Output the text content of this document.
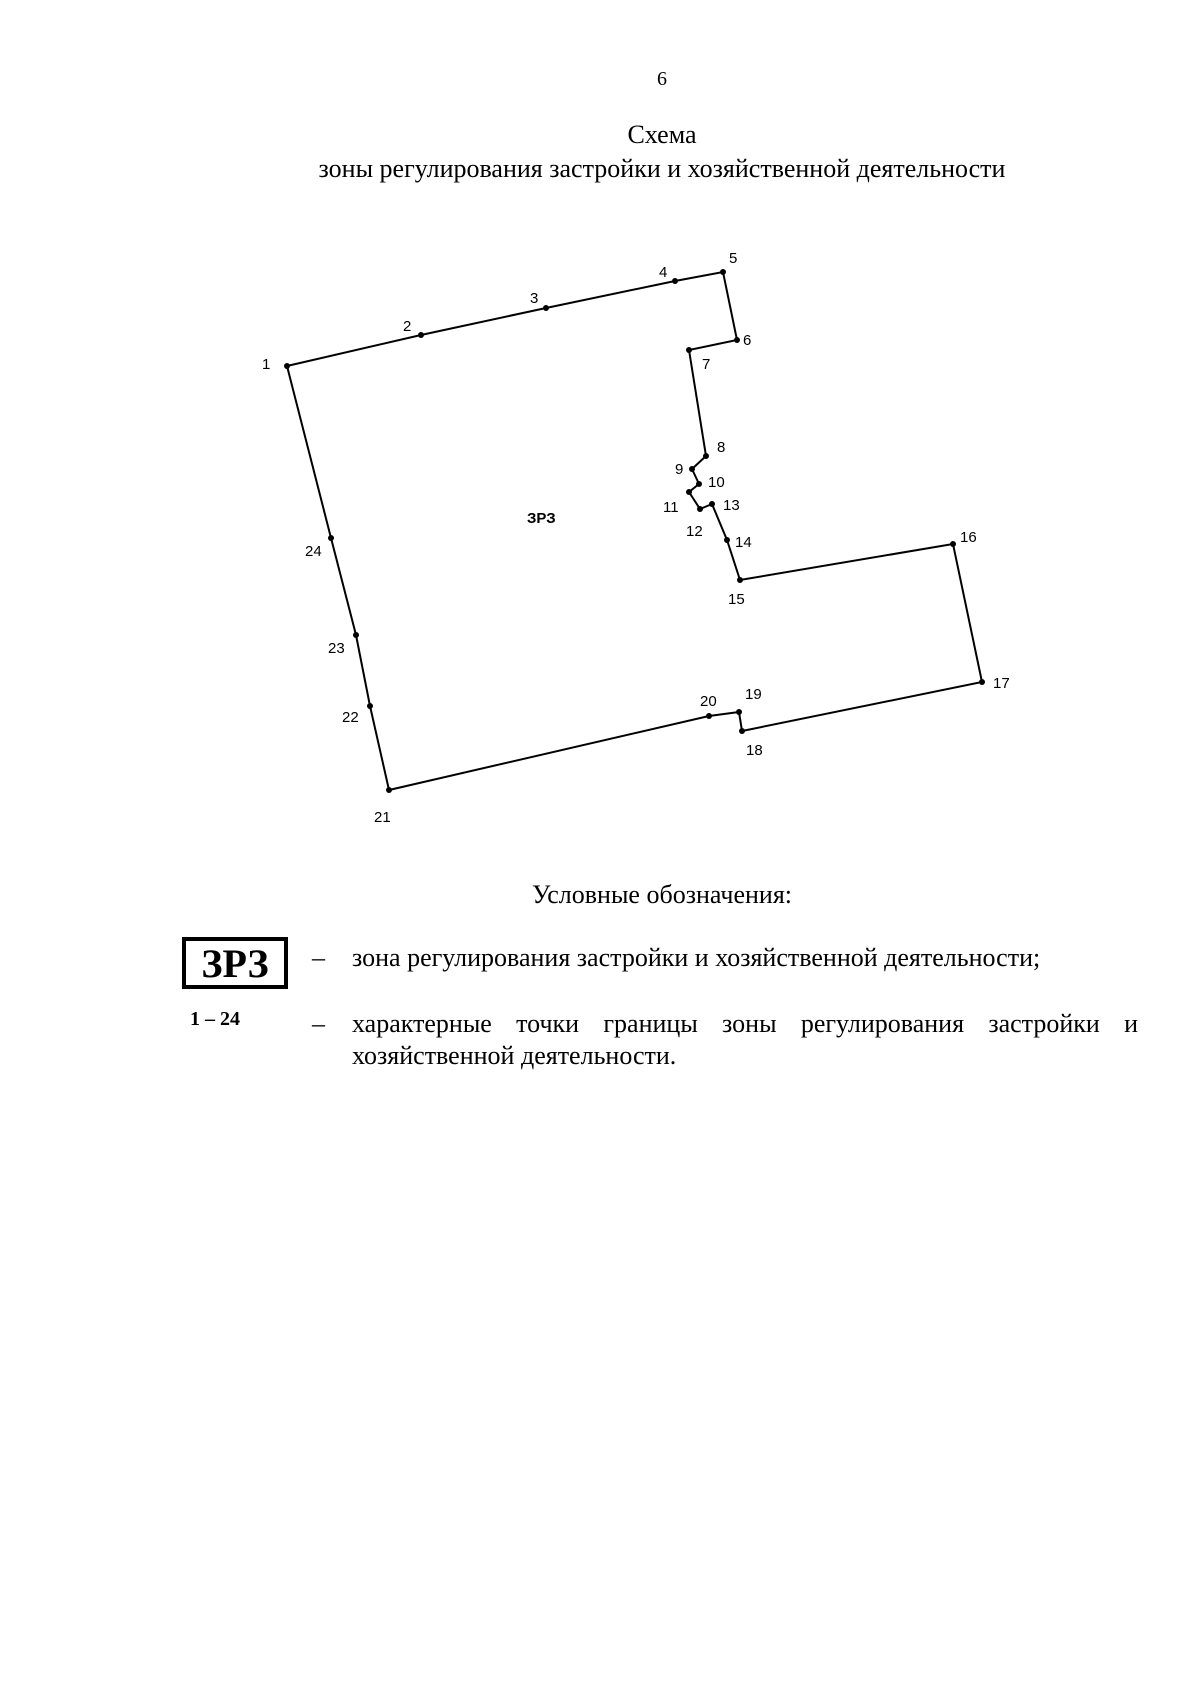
6
Схема
зоны регулирования застройки и хозяйственной деятельности
1
2
3
4
5
6
7
8
9
10
11
12
13
14
15
16
17
18
19
20
21
22
23
24
ЗРЗ
Условные обозначения:
ЗРЗ	– зона регулирования застройки и хозяйственной деятельности;
1 – 24	– характерные точки границы зоны регулирования застройки и хозяйственной деятельности.
